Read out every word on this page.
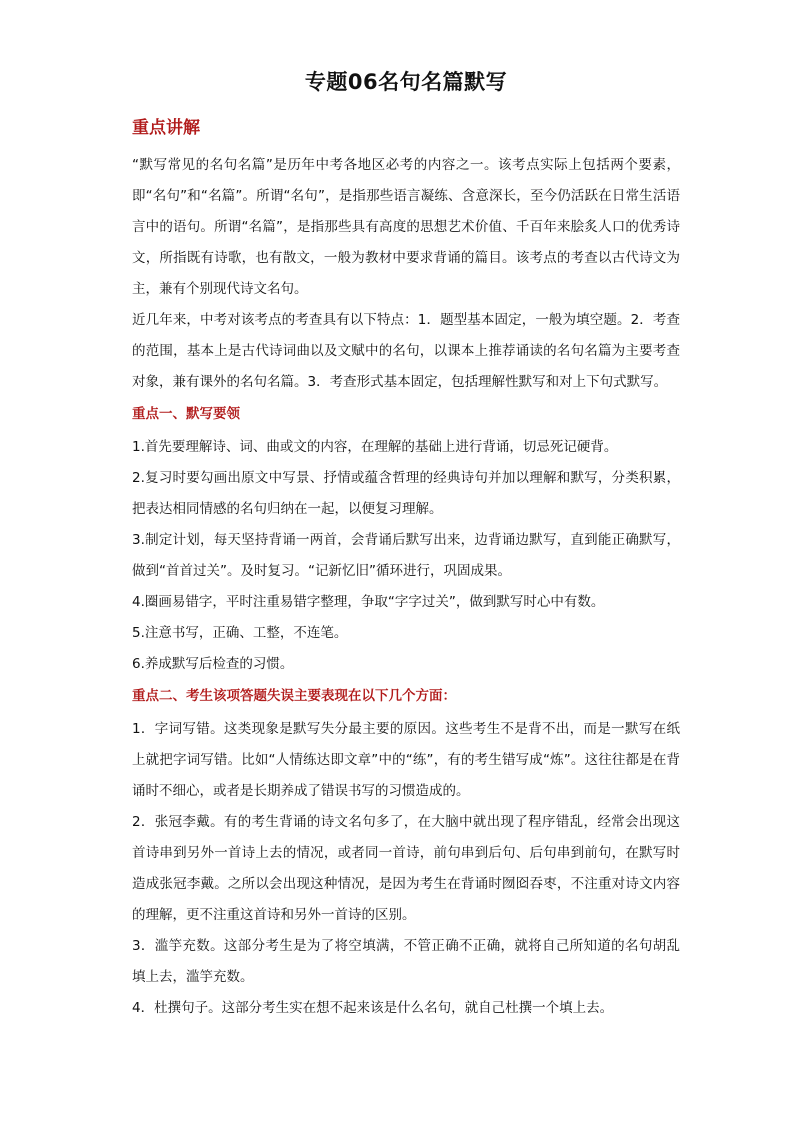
专题06名句名篇默写
重点讲解

“默写常见的名句名篇”是历年中考各地区必考的内容之一。该考点实际上包括两个要素，即“名句”和“名篇”。所谓“名句”，是指那些语言凝练、含意深长，至今仍活跃在日常生活语言中的语句。所谓“名篇”，是指那些具有高度的思想艺术价值、千百年来脍炙人口的优秀诗文，所指既有诗歌，也有散文，一般为教材中要求背诵的篇目。该考点的考查以古代诗文为主，兼有个别现代诗文名句。

近几年来，中考对该考点的考查具有以下特点：1．题型基本固定，一般为填空题。2．考查的范围，基本上是古代诗词曲以及文赋中的名句，以课本上推荐诵读的名句名篇为主要考查对象，兼有课外的名句名篇。3．考查形式基本固定，包括理解性默写和对上下句式默写。

重点一、默写要领

1.首先要理解诗、词、曲或文的内容，在理解的基础上进行背诵，切忌死记硬背。

2.复习时要勾画出原文中写景、抒情或蕴含哲理的经典诗句并加以理解和默写，分类积累，把表达相同情感的名句归纳在一起，以便复习理解。

3.制定计划，每天坚持背诵一两首，会背诵后默写出来，边背诵边默写，直到能正确默写，做到“首首过关”。及时复习。“记新忆旧”循环进行，巩固成果。

4.圈画易错字，平时注重易错字整理，争取“字字过关”，做到默写时心中有数。

5.注意书写，正确、工整，不连笔。

6.养成默写后检查的习惯。

重点二、考生该项答题失误主要表现在以下几个方面：

1．字词写错。这类现象是默写失分最主要的原因。这些考生不是背不出，而是一默写在纸上就把字词写错。比如“人情练达即文章”中的“练”，有的考生错写成“炼”。这往往都是在背诵时不细心，或者是长期养成了错误书写的习惯造成的。

2．张冠李戴。有的考生背诵的诗文名句多了，在大脑中就出现了程序错乱，经常会出现这首诗串到另外一首诗上去的情况，或者同一首诗，前句串到后句、后句串到前句，在默写时造成张冠李戴。之所以会出现这种情况，是因为考生在背诵时囫囵吞枣，不注重对诗文内容的理解，更不注重这首诗和另外一首诗的区别。

3．滥竽充数。这部分考生是为了将空填满，不管正确不正确，就将自己所知道的名句胡乱填上去，滥竽充数。

4．杜撰句子。这部分考生实在想不起来该是什么名句，就自己杜撰一个填上去。
